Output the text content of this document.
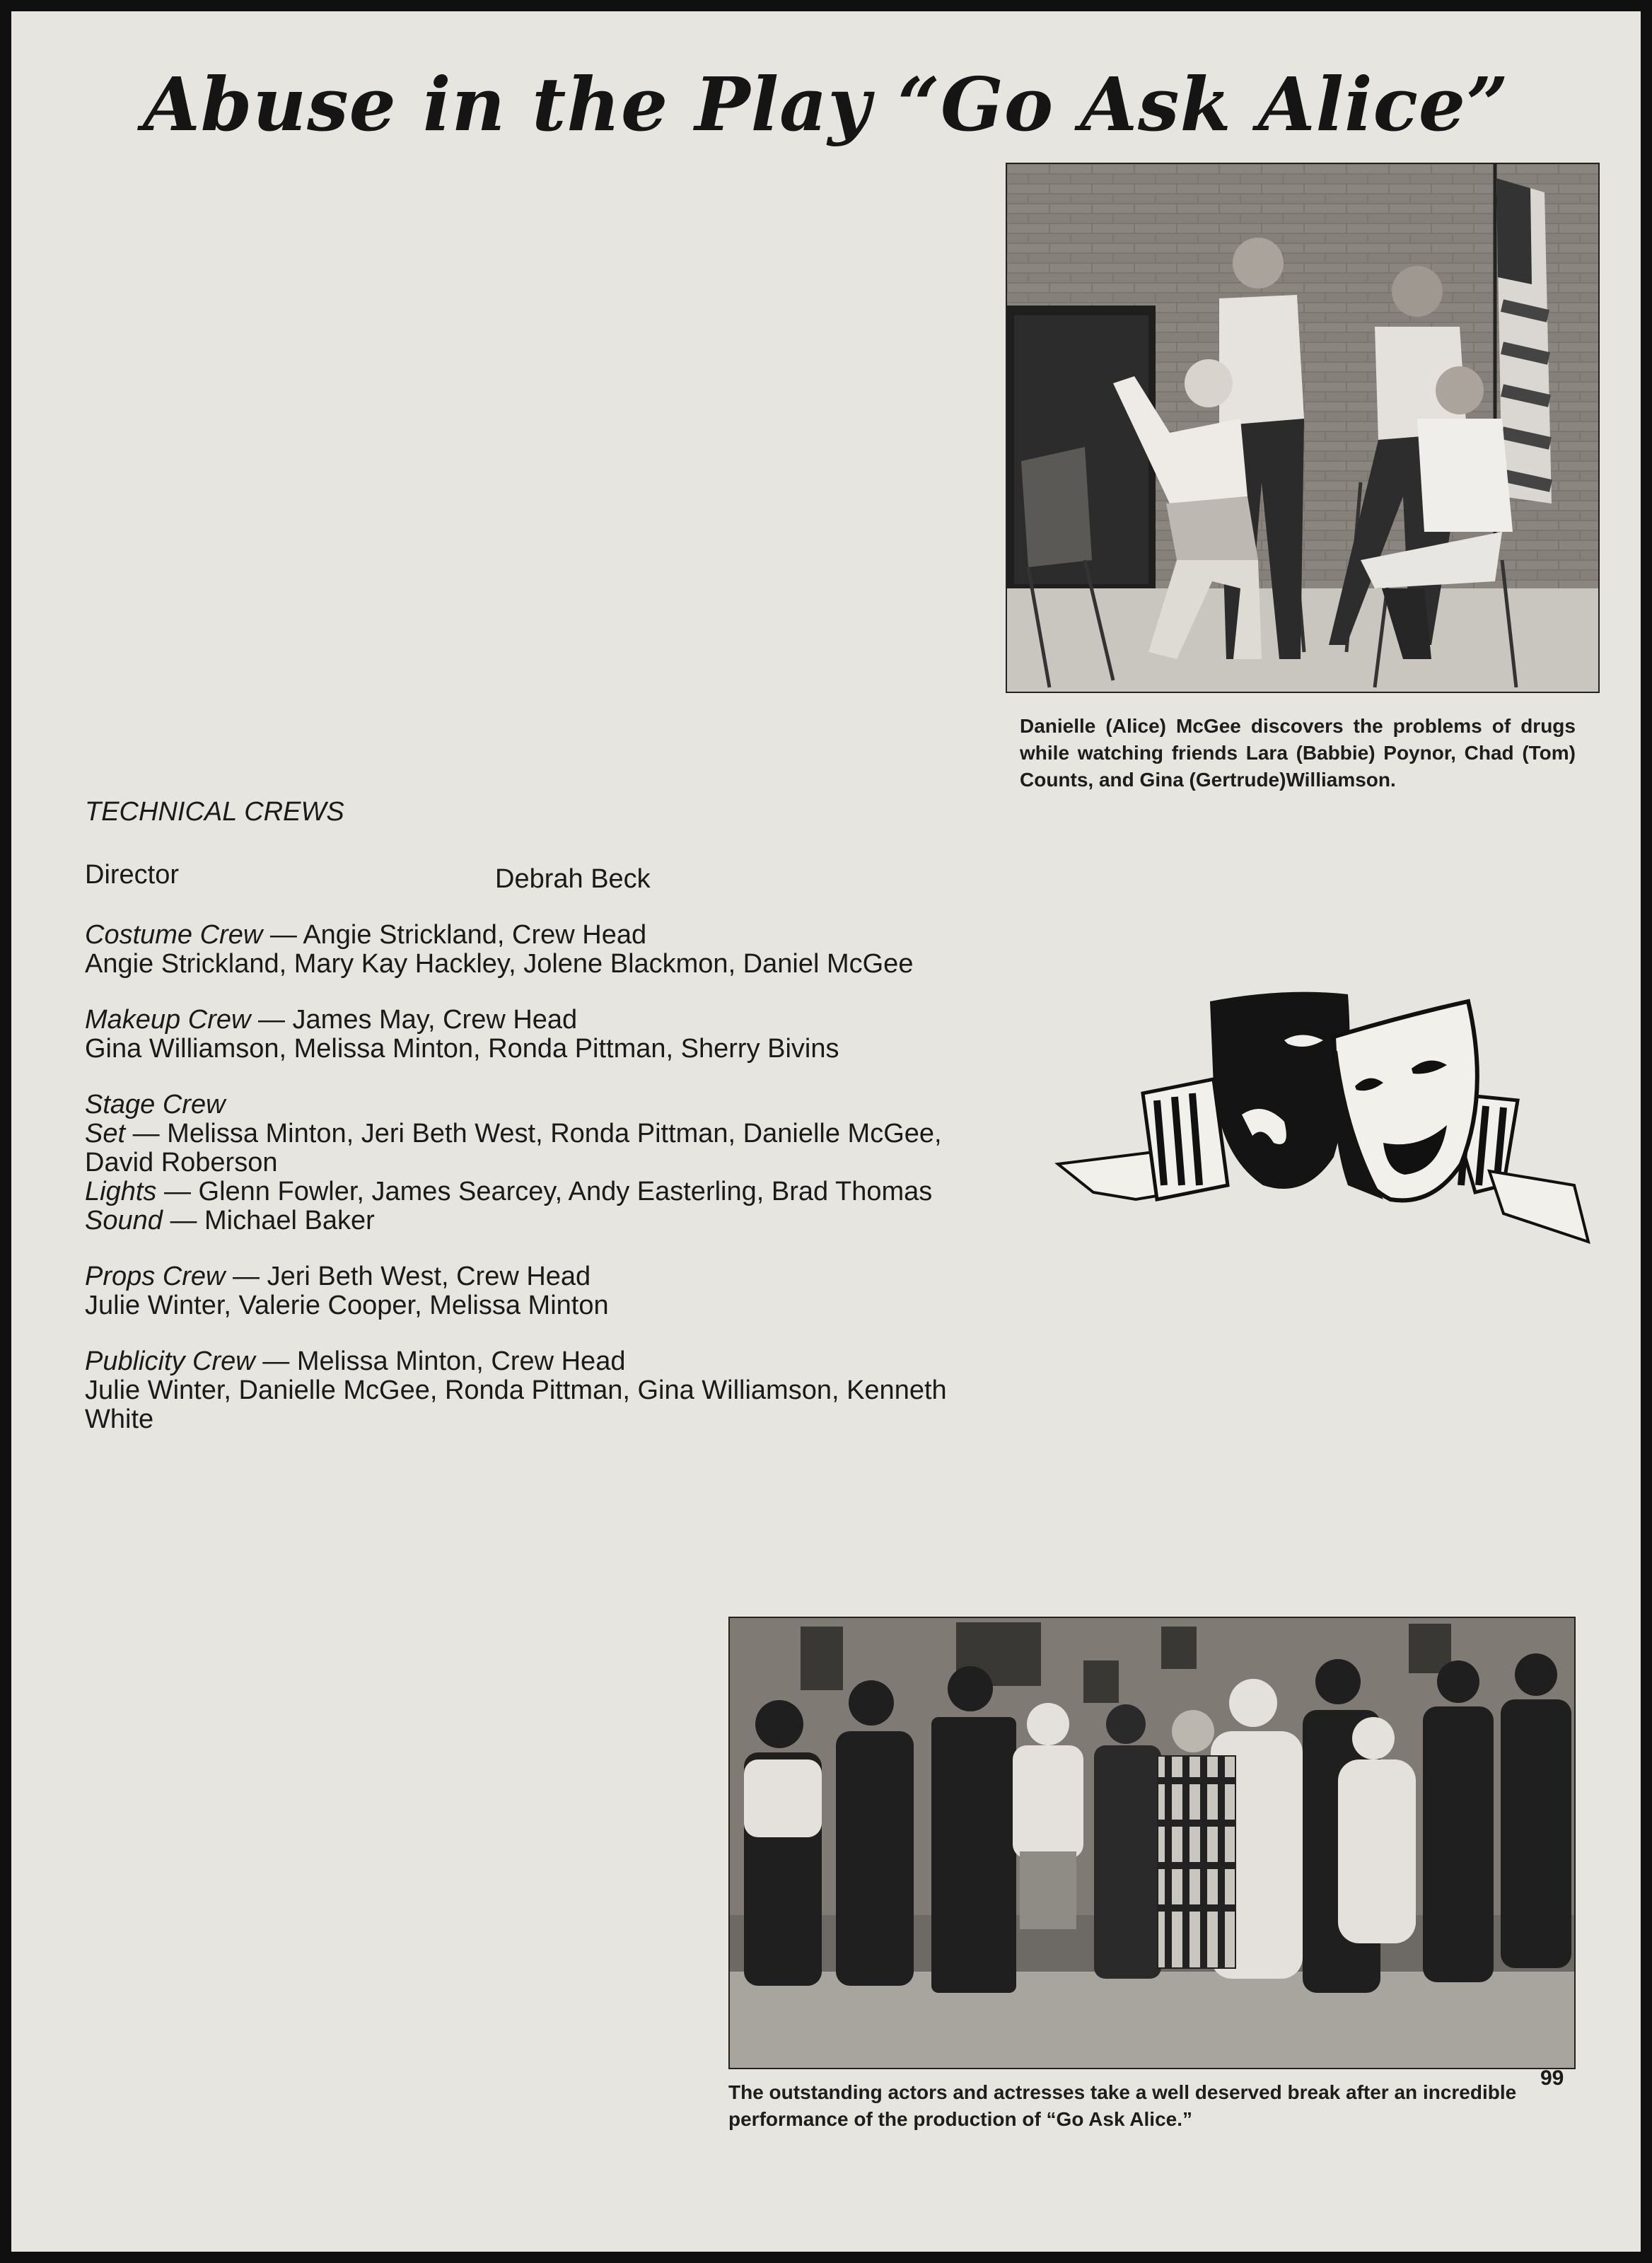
Abuse in the Play “Go Ask Alice”
Danielle (Alice) McGee discovers the problems of drugs while watching friends Lara (Babbie) Poynor, Chad (Tom) Counts, and Gina (Gertrude)Williamson.
TECHNICAL CREWS
Director	Debrah Beck
Costume Crew — Angie Strickland, Crew Head
Angie Strickland, Mary Kay Hackley, Jolene Blackmon, Daniel McGee
Makeup Crew — James May, Crew Head
Gina Williamson, Melissa Minton, Ronda Pittman, Sherry Bivins
Stage Crew
Set — Melissa Minton, Jeri Beth West, Ronda Pittman, Danielle McGee, David Roberson
Lights — Glenn Fowler, James Searcey, Andy Easterling, Brad Thomas
Sound — Michael Baker
Props Crew — Jeri Beth West, Crew Head
Julie Winter, Valerie Cooper, Melissa Minton
Publicity Crew — Melissa Minton, Crew Head
Julie Winter, Danielle McGee, Ronda Pittman, Gina Williamson, Kenneth White
The outstanding actors and actresses take a well deserved break after an incredible performance of the production of “Go Ask Alice.”
99
